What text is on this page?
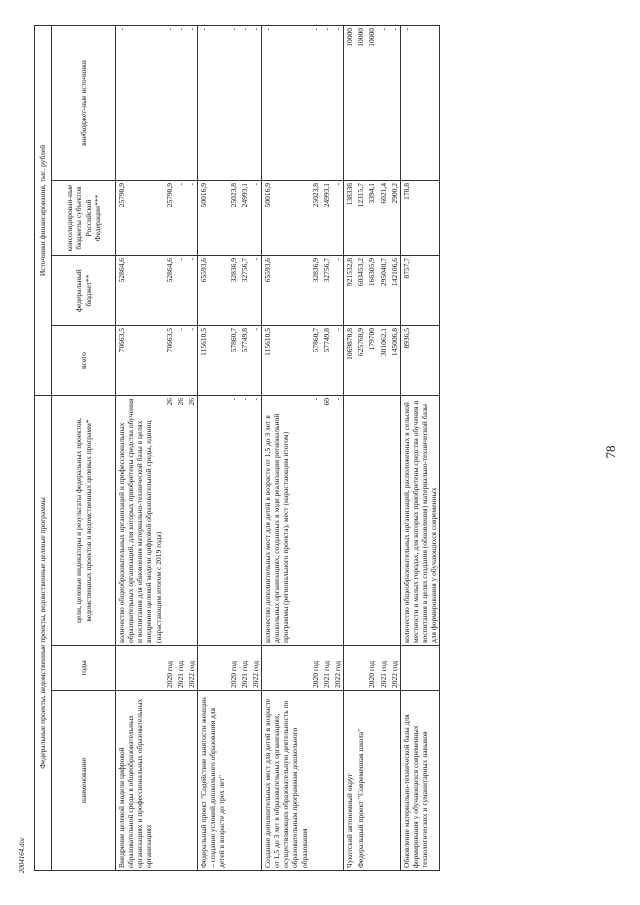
78
2004164.doc
Федеральные проекты, ведомственные проекты, ведомственные целевые программы			Источники финансирования, тыс. рублей			
наименование	годы	цели, целевые индикаторы и результаты федеральных проектов, ведомственных проектов и ведомственных целевых программ*	всего	федеральный бюджет**	консолидирован-ные бюджеты субъектов Российской Федерации***	внебюджет-ные источники
Внедрение целевой модели цифровой образовательной среды в общеобразовательных организациях и профессиональных образовательных организациях		количество общеобразовательных организаций и профессиональных образовательных организаций, для которых приобретены средства обучения и воспитания для обновления материально-технической базы в целях внедрения целевой модели цифровой образовательной среды, единиц (нарастающим итогом с 2019 года)	78663,5	52864,6	25798,9	-
	2020 год	26	78663,5	52864,6	25798,9	-
	2021 год	26	-	-	-	-
	2022 год	26	-	-	-	-
Федеральный проект "Содействие занятости женщин – создание условий дошкольного образования для детей в возрасте до трех лет"			115610,5	65593,6	50016,9	-
	2020 год	-	57860,7	32836,9	25023,8	-
	2021 год	-	57749,8	32756,7	24993,1	-
	2022 год	-	-	-	-	-
Создание дополнительных мест для детей в возрасте от 1,5 до 3 лет в образовательных организациях, осуществляющих образовательную деятельность по образовательным программам дошкольного образования		количество дополнительных мест для детей в возрасте от 1,5 до 3 лет в дошкольных организациях, созданных в ходе реализации региональной программы (регионального проекта), мест (нарастающим итогом)	115610,5	65593,6	50016,9	-
	2020 год	-	57860,7	32836,9	25023,8	-
	2021 год	60	57749,8	32756,7	24993,1	-
	2022 год	-	-	-	-	-
Чукотский автономный округ			1069870,8	921532,8	138338	10000
Федеральный проект "Современная школа"			625768,9	603453,2	12315,7	10000
	2020 год		179700	166305,9	3394,1	10000
	2021 год		301062,1	295040,7	6021,4	-
	2022 год		145006,8	142106,6	2900,2	-
Обновление материально-технической базы для формирования у обучающихся современных технологических и гуманитарных навыков		количество общеобразовательных организаций, расположенных в сельской местности и малых городах, для которых приобретены средства обучения и воспитания в целях создания (обновления) материально-технической базы для формирования у обучающихся современных	8936,5	8757,7	178,8	-
